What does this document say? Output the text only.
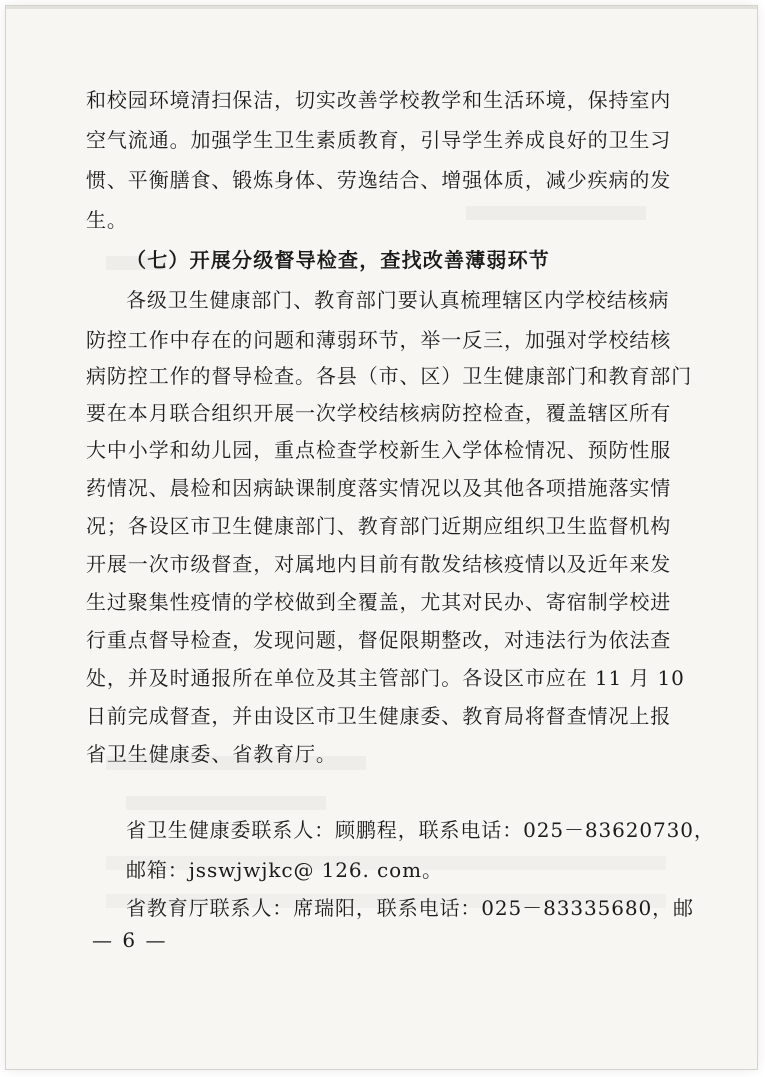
和校园环境清扫保洁，切实改善学校教学和生活环境，保持室内
空气流通。加强学生卫生素质教育，引导学生养成良好的卫生习
惯、平衡膳食、锻炼身体、劳逸结合、增强体质，减少疾病的发
生。
（七）开展分级督导检查，查找改善薄弱环节
各级卫生健康部门、教育部门要认真梳理辖区内学校结核病
防控工作中存在的问题和薄弱环节，举一反三，加强对学校结核
病防控工作的督导检查。各县（市、区）卫生健康部门和教育部门
要在本月联合组织开展一次学校结核病防控检查，覆盖辖区所有
大中小学和幼儿园，重点检查学校新生入学体检情况、预防性服
药情况、晨检和因病缺课制度落实情况以及其他各项措施落实情
况；各设区市卫生健康部门、教育部门近期应组织卫生监督机构
开展一次市级督查，对属地内目前有散发结核疫情以及近年来发
生过聚集性疫情的学校做到全覆盖，尤其对民办、寄宿制学校进
行重点督导检查，发现问题，督促限期整改，对违法行为依法查
处，并及时通报所在单位及其主管部门。各设区市应在 11 月 10
日前完成督查，并由设区市卫生健康委、教育局将督查情况上报
省卫生健康委、省教育厅。
省卫生健康委联系人：顾鹏程，联系电话：025－83620730，
邮箱：jsswjwjkc@ 126. com。
省教育厅联系人：席瑞阳，联系电话：025－83335680，邮
— 6 —
